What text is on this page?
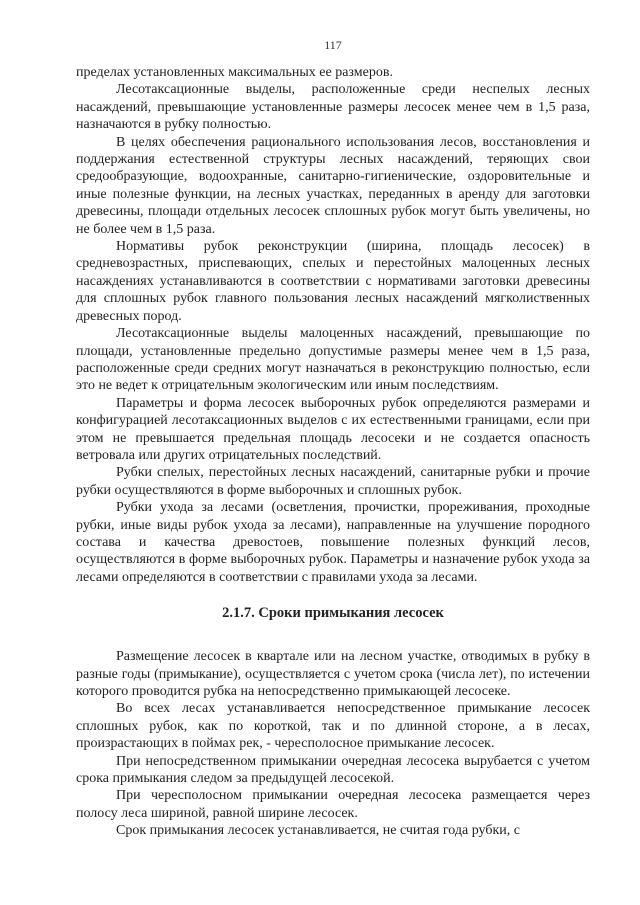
117

пределах установленных максимальных ее размеров.

Лесотаксационные выделы, расположенные среди неспелых лесных насаждений, превышающие установленные размеры лесосек менее чем в 1,5 раза, назначаются в рубку полностью.

В целях обеспечения рационального использования лесов, восстановления и поддержания естественной структуры лесных насаждений, теряющих свои средообразующие, водоохранные, санитарно-гигиенические, оздоровительные и иные полезные функции, на лесных участках, переданных в аренду для заготовки древесины, площади отдельных лесосек сплошных рубок могут быть увеличены, но не более чем в 1,5 раза.

Нормативы рубок реконструкции (ширина, площадь лесосек) в средневозрастных, приспевающих, спелых и перестойных малоценных лесных насаждениях устанавливаются в соответствии с нормативами заготовки древесины для сплошных рубок главного пользования лесных насаждений мягколиственных древесных пород.

Лесотаксационные выделы малоценных насаждений, превышающие по площади, установленные предельно допустимые размеры менее чем в 1,5 раза, расположенные среди средних могут назначаться в реконструкцию полностью, если это не ведет к отрицательным экологическим или иным последствиям.

Параметры и форма лесосек выборочных рубок определяются размерами и конфигурацией лесотаксационных выделов с их естественными границами, если при этом не превышается предельная площадь лесосеки и не создается опасность ветровала или других отрицательных последствий.

Рубки спелых, перестойных лесных насаждений, санитарные рубки и прочие рубки осуществляются в форме выборочных и сплошных рубок.

Рубки ухода за лесами (осветления, прочистки, прореживания, проходные рубки, иные виды рубок ухода за лесами), направленные на улучшение породного состава и качества древостоев, повышение полезных функций лесов, осуществляются в форме выборочных рубок. Параметры и назначение рубок ухода за лесами определяются в соответствии с правилами ухода за лесами.

2.1.7. Сроки примыкания лесосек

Размещение лесосек в квартале или на лесном участке, отводимых в рубку в разные годы (примыкание), осуществляется с учетом срока (числа лет), по истечении которого проводится рубка на непосредственно примыкающей лесосеке.

Во всех лесах устанавливается непосредственное примыкание лесосек сплошных рубок, как по короткой, так и по длинной стороне, а в лесах, произрастающих в поймах рек, - чересполосное примыкание лесосек.

При непосредственном примыкании очередная лесосека вырубается с учетом срока примыкания следом за предыдущей лесосекой.

При чересполосном примыкании очередная лесосека размещается через полосу леса шириной, равной ширине лесосек.

Срок примыкания лесосек устанавливается, не считая года рубки, с
